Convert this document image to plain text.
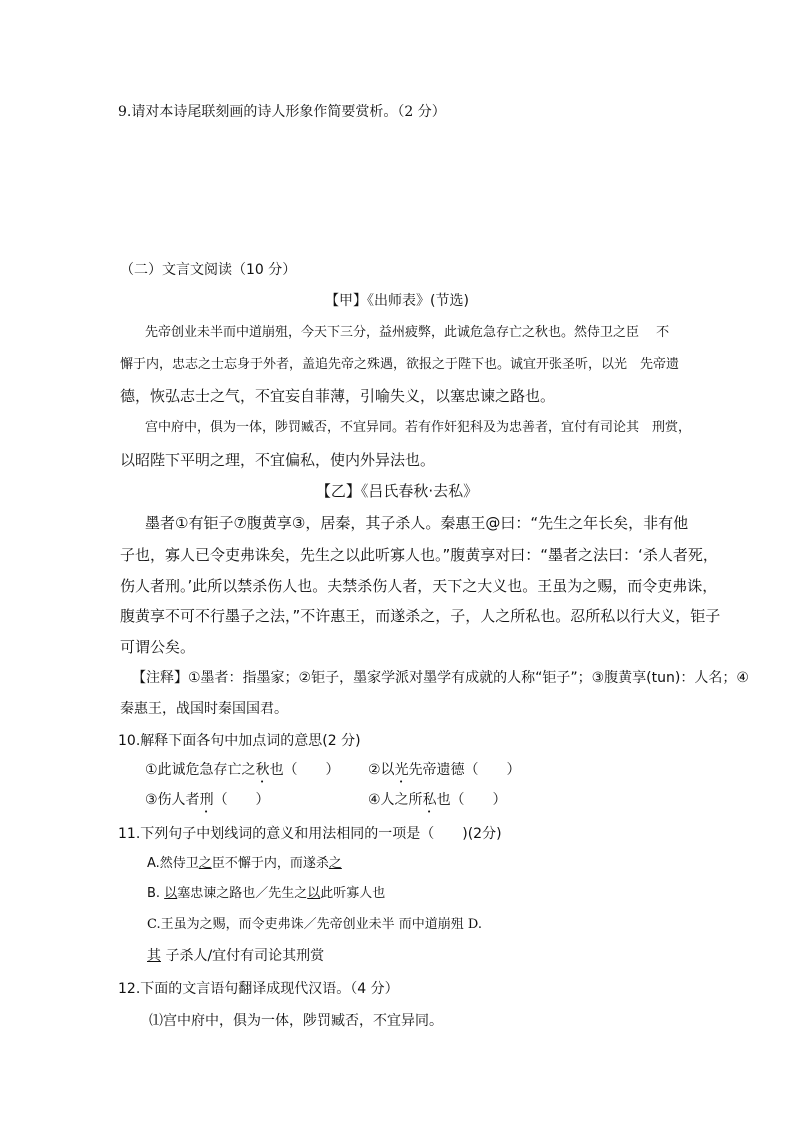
9.请对本诗尾联刻画的诗人形象作简要赏析。（2 分）
（二）文言文阅读（10 分）
【甲】《出师表》(节选)
先帝创业未半而中道崩殂，今天下三分，益州疲弊，此诚危急存亡之秋也。然侍卫之臣　 不
懈于内，忠志之士忘身于外者，盖追先帝之殊遇，欲报之于陛下也。诚宜开张圣听，以光　先帝遗
德，恢弘志士之气，不宜妄自菲薄，引喻失义，以塞忠谏之路也。
宫中府中，俱为一体，陟罚臧否，不宜异同。若有作奸犯科及为忠善者，宜付有司论其　刑赏，
以昭陛下平明之理，不宜偏私，使内外异法也。
【乙】《吕氏春秋·去私》
墨者①有钜子⑦腹黄享③，居秦，其子杀人。秦惠王@曰：“先生之年长矣，非有他
子也，寡人已令吏弗诛矣，先生之以此听寡人也。”腹黄享对曰：“墨者之法曰：‘杀人者死，
伤人者刑。’此所以禁杀伤人也。夫禁杀伤人者，天下之大义也。王虽为之赐，而令吏弗诛，
腹黄享不可不行墨子之法，”不许惠王，而遂杀之，子，人之所私也。忍所私以行大义，钜子
可谓公矣。
【注释】①墨者：指墨家；②钜子，墨家学派对墨学有成就的人称“钜子”；③腹黄享(tun)：人名；④
秦惠王，战国时秦国国君。
10.解释下面各句中加点词的意思(2 分)
①此诚危急存亡之秋也（　　） ②以光先帝遗德（　　）
③伤人者刑（　　）	④人之所私也（　　）
11.下列句子中划线词的意义和用法相同的一项是（　　)(2分)
A.然侍卫之臣不懈于内，而遂杀之
B. 以塞忠谏之路也／先生之以此听寡人也
C.王虽为之赐，而令吏弗诛／先帝创业未半 而中道崩殂 D.
其 子杀人/宜付有司论其刑赏
12.下面的文言语句翻译成现代汉语。（4 分）
⑴宫中府中，俱为一体，陟罚臧否，不宜异同。
